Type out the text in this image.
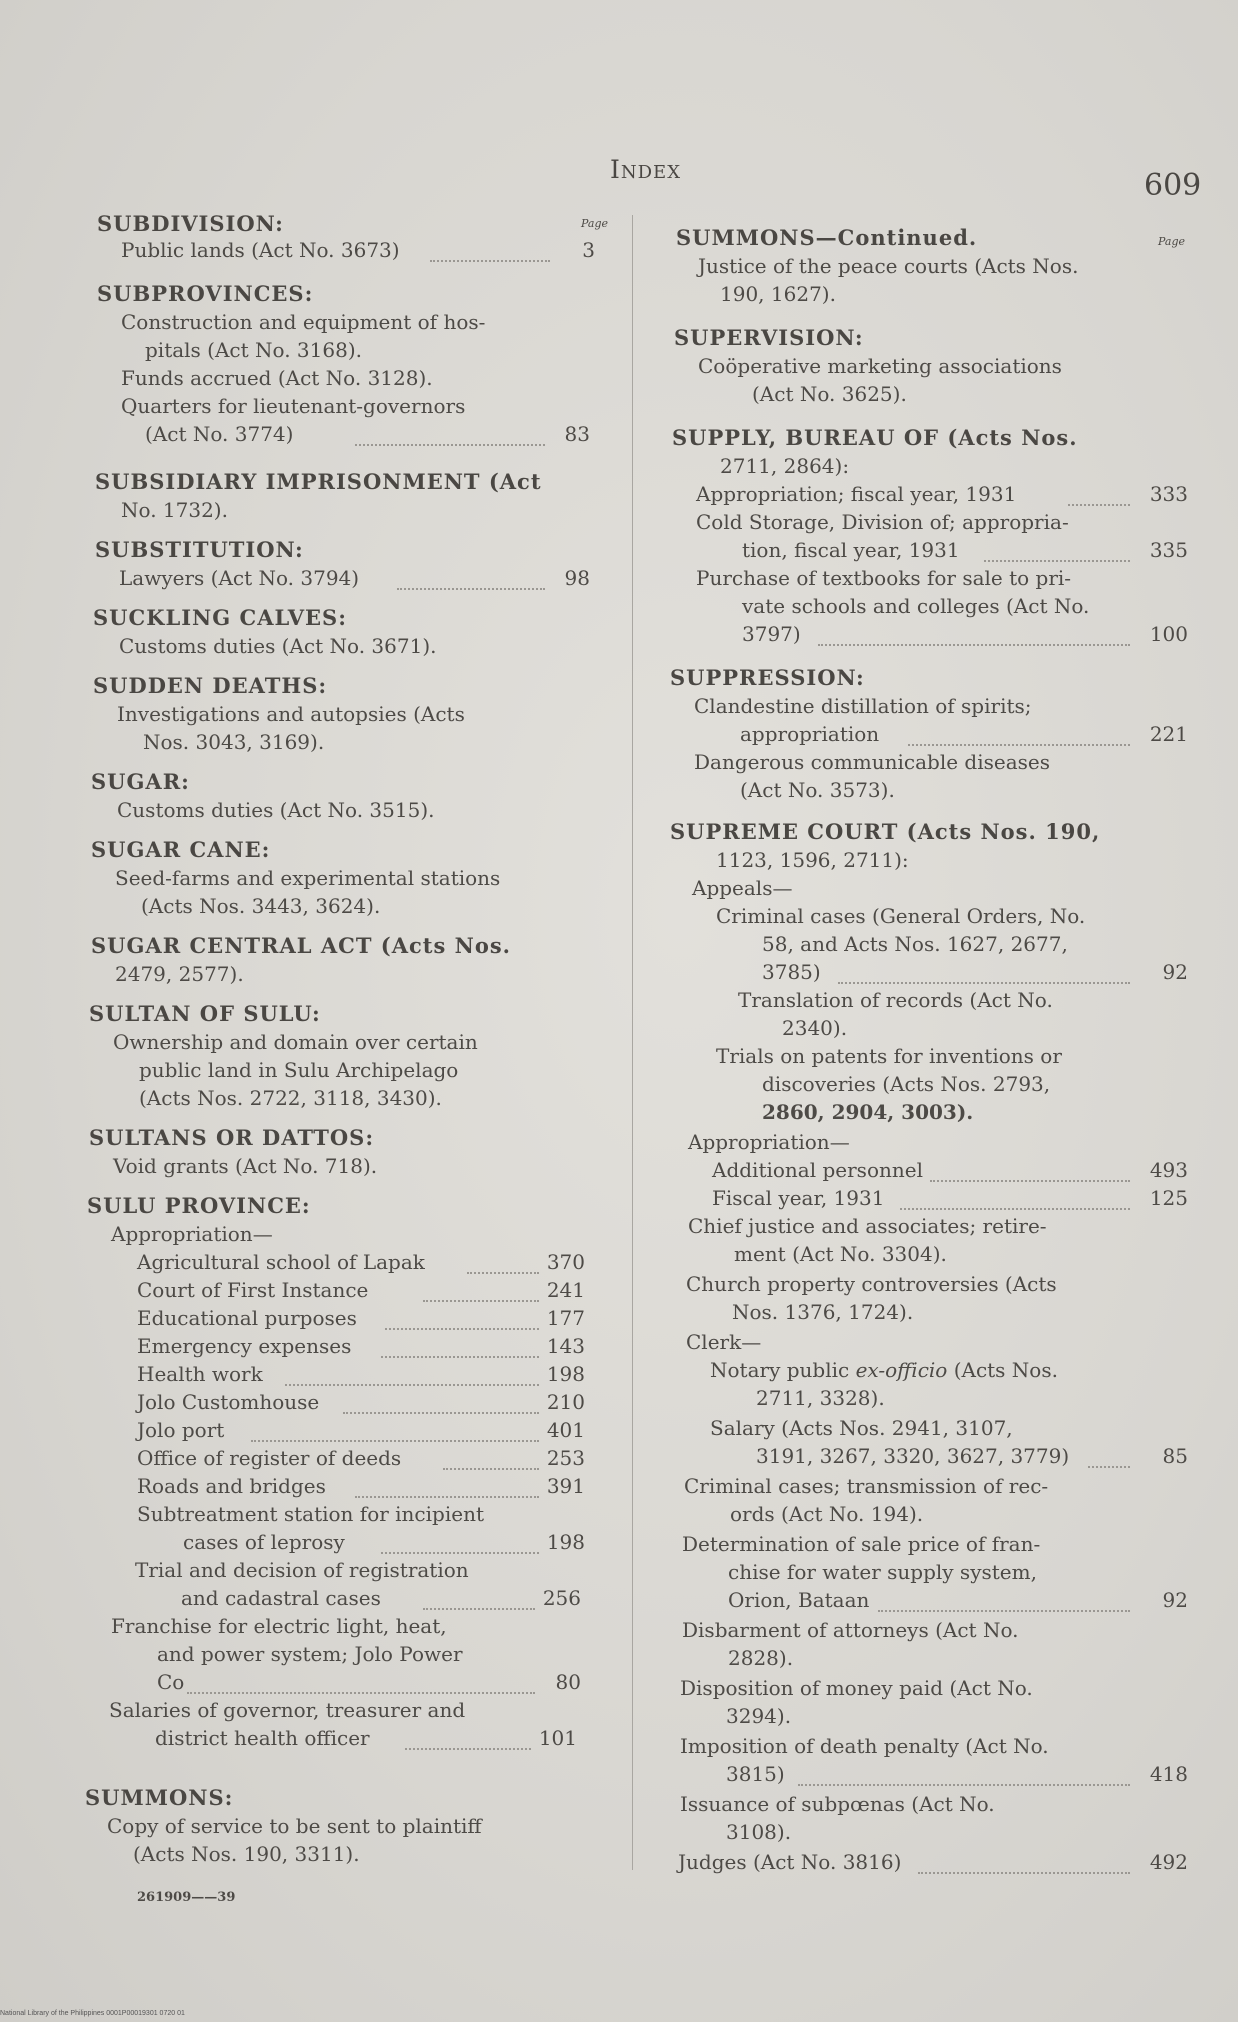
Index	609
Page
SUBDIVISION:
Public lands (Act No. 3673)	3
SUBPROVINCES:
Construction and equipment of hos-
pitals (Act No. 3168).
Funds accrued (Act No. 3128).
Quarters for lieutenant-governors
(Act No. 3774)	83
SUBSIDIARY IMPRISONMENT (Act
No. 1732).
SUBSTITUTION:
Lawyers (Act No. 3794)	98
SUCKLING CALVES:
Customs duties (Act No. 3671).
SUDDEN DEATHS:
Investigations and autopsies (Acts
Nos. 3043, 3169).
SUGAR:
Customs duties (Act No. 3515).
SUGAR CANE:
Seed-farms and experimental stations
(Acts Nos. 3443, 3624).
SUGAR CENTRAL ACT (Acts Nos.
2479, 2577).
SULTAN OF SULU:
Ownership and domain over certain
public land in Sulu Archipelago
(Acts Nos. 2722, 3118, 3430).
SULTANS OR DATTOS:
Void grants (Act No. 718).
SULU PROVINCE:
Appropriation—
Agricultural school of Lapak	370
Court of First Instance	241
Educational purposes	177
Emergency expenses	143
Health work	198
Jolo Customhouse	210
Jolo port	401
Office of register of deeds	253
Roads and bridges	391
Subtreatment station for incipient
cases of leprosy	198
Trial and decision of registration
and cadastral cases	256
Franchise for electric light, heat,
and power system; Jolo Power
Co	80
Salaries of governor, treasurer and
district health officer	101
SUMMONS:
Copy of service to be sent to plaintiff
(Acts Nos. 190, 3311).
261909——39
Page
SUMMONS—Continued.
Justice of the peace courts (Acts Nos.
190, 1627).
SUPERVISION:
Coöperative marketing associations
(Act No. 3625).
SUPPLY, BUREAU OF (Acts Nos.
2711, 2864):
Appropriation; fiscal year, 1931	333
Cold Storage, Division of; appropria-
tion, fiscal year, 1931	335
Purchase of textbooks for sale to pri-
vate schools and colleges (Act No.
3797)	100
SUPPRESSION:
Clandestine distillation of spirits;
appropriation	221
Dangerous communicable diseases
(Act No. 3573).
SUPREME COURT (Acts Nos. 190,
1123, 1596, 2711):
Appeals—
Criminal cases (General Orders, No.
58, and Acts Nos. 1627, 2677,
3785)	92
Translation of records (Act No.
2340).
Trials on patents for inventions or
discoveries (Acts Nos. 2793,
2860, 2904, 3003).
Appropriation—
Additional personnel	493
Fiscal year, 1931	125
Chief justice and associates; retire-
ment (Act No. 3304).
Church property controversies (Acts
Nos. 1376, 1724).
Clerk—
Notary public ex-officio (Acts Nos.
2711, 3328).
Salary (Acts Nos. 2941, 3107,
3191, 3267, 3320, 3627, 3779)	85
Criminal cases; transmission of rec-
ords (Act No. 194).
Determination of sale price of fran-
chise for water supply system,
Orion, Bataan	92
Disbarment of attorneys (Act No.
2828).
Disposition of money paid (Act No.
3294).
Imposition of death penalty (Act No.
3815)	418
Issuance of subpœnas (Act No.
3108).
Judges (Act No. 3816)	492
National Library of the Philippines 0001P00019301 0720 01
